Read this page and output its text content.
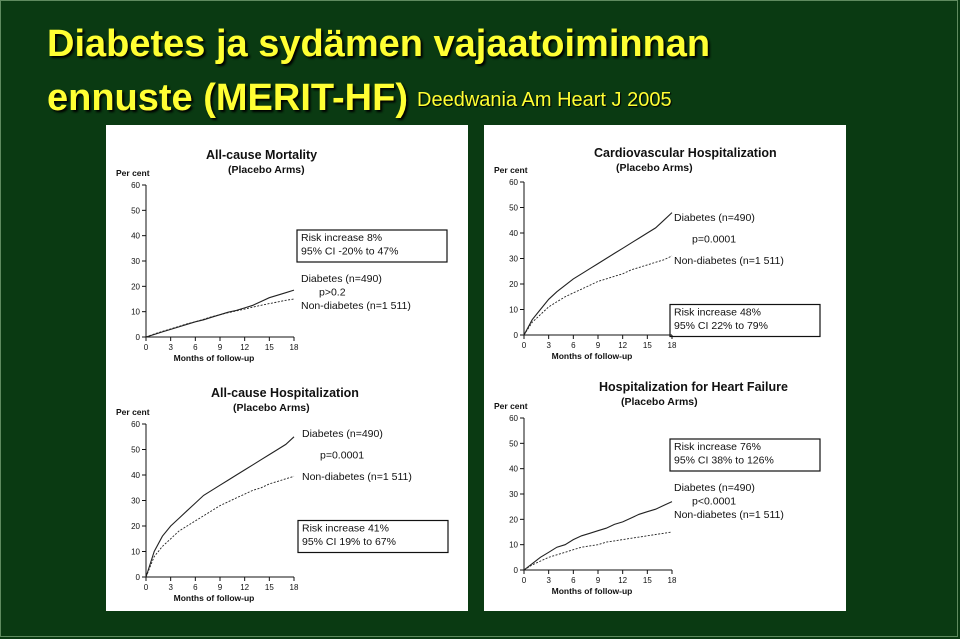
Diabetes ja sydämen vajaatoiminnan
ennuste (MERIT-HF) Deedwania Am Heart J 2005
All-cause Mortality
(Placebo Arms)
Per cent
0
10
20
30
40
50
60
0	3	6	9 12 15 18
Months of follow-up
Risk increase 8%
95% CI -20% to 47%
Diabetes (n=490)
p>0.2
Non-diabetes (n=1 511)
All-cause Hospitalization
(Placebo Arms)
Per cent
0
10
20
30
40
50
60
0	3	6	9 12 15 18
Months of follow-up
Diabetes (n=490)
p=0.0001
Non-diabetes (n=1 511)
Risk increase 41%
95% CI 19% to 67%
Cardiovascular Hospitalization
(Placebo Arms)
Per cent
0
10
20
30
40
50
60
0	3	6	9 12 15 18
Months of follow-up
Diabetes (n=490)
p=0.0001
Non-diabetes (n=1 511)
Risk increase 48%
95% CI 22% to 79%
Hospitalization for Heart Failure
(Placebo Arms)
Per cent
0
10
20
30
40
50
60
0	3	6	9 12 15 18
Months of follow-up
Risk increase 76%
95% CI 38% to 126%
Diabetes (n=490)
p<0.0001
Non-diabetes (n=1 511)
